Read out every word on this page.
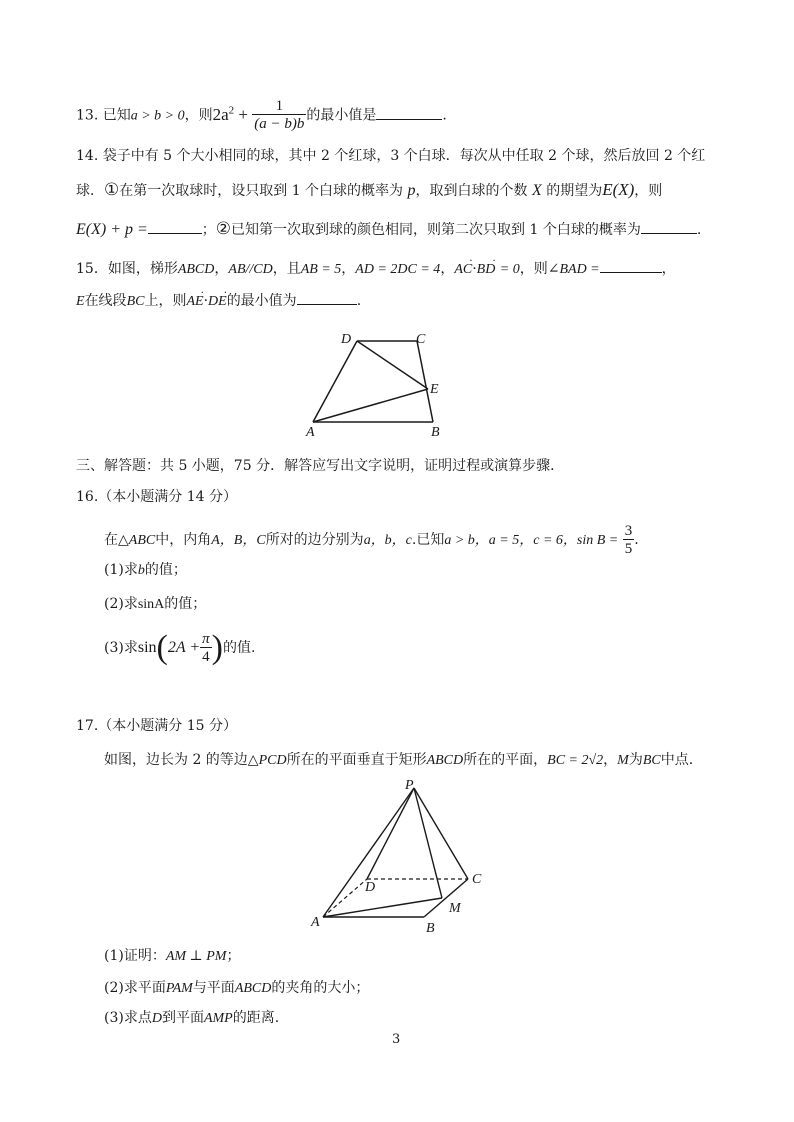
13. 已知a > b > 0，则$2a^2 + \frac{1}{(a - b)b}$ 的最小值是	.
14. 袋子中有 5 个大小相同的球，其中 2 个红球，3 个白球．每次从中任取 2 个球，然后放回 2 个红
球．①在第一次取球时，设只取到 1 个白球的概率为 p，取到白球的个数 X 的期望为E(X)，则
E(X) + p =	；②已知第一次取到球的颜色相同，则第二次只取到 1 个白球的概率为	.
15．如图，梯形ABCD，AB//CD，且AB = 5，AD = 2DC = 4，AC ··BD · = 0，则∠BAD =	，
E在线段BC上，则AE ··DE ·的最小值为	.
D	C
E
A	B
三、解答题：共 5 小题，75 分．解答应写出文字说明，证明过程或演算步骤．
16.（本小题满分 14 分）
在△ABC中，内角A，B，C所对的边分别为a，b，c.已知a > b，a = 5，c = 6，$\sin B = \frac{3}{5}$ .
(1)求b的值；
(2)求sinA的值；
(3)求$\sin(2A + \frac{\pi}{4}$ )的值.
17.（本小题满分 15 分）
如图，边长为 2 的等边△PCD所在的平面垂直于矩形ABCD所在的平面，BC = 2√2，M为BC中点.
P
D
C
M
A	B
(1)证明：AM ⊥ PM；
(2)求平面PAM与平面ABCD的夹角的大小；
(3)求点D到平面AMP的距离.
3
